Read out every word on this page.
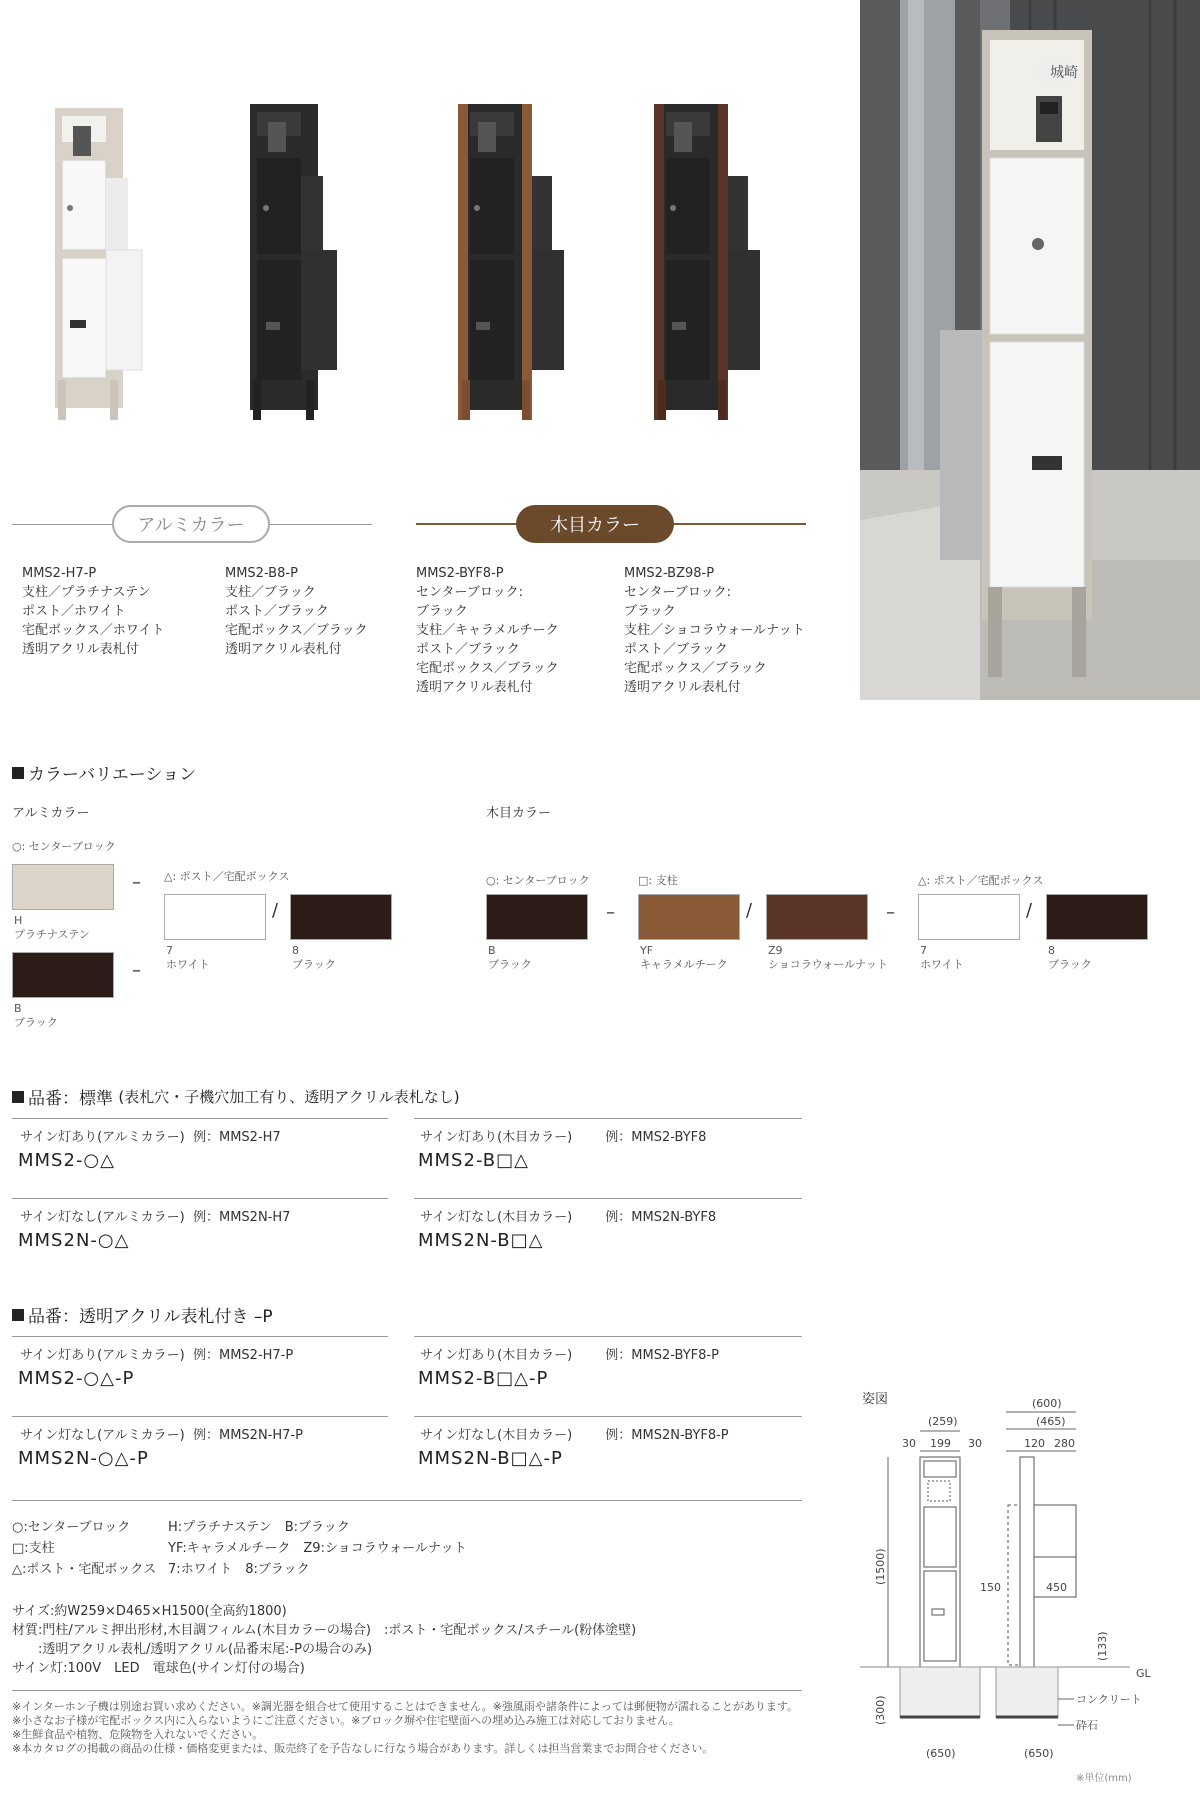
城崎
アルミカラー	木目カラー
MMS2-H7-P
支柱／プラチナステン
ポスト／ホワイト
宅配ボックス／ホワイト
透明アクリル表札付
MMS2-B8-P
支柱／ブラック
ポスト／ブラック
宅配ボックス／ブラック
透明アクリル表札付
MMS2-BYF8-P
センターブロック:
ブラック
支柱／キャラメルチーク
ポスト／ブラック
宅配ボックス／ブラック
透明アクリル表札付
MMS2-BZ98-P
センターブロック:
ブラック
支柱／ショコラウォールナット
ポスト／ブラック
宅配ボックス／ブラック
透明アクリル表札付
カラーバリエーション
アルミカラー	木目カラー
○: センターブロック
H
プラチナステン
B
ブラック
–
–
△: ポスト／宅配ボックス
7
ホワイト
/
8
ブラック
○: センターブロック
B
ブラック
–
□: 支柱
YF
キャラメルチーク
/
Z9
ショコラウォールナット
–
△: ポスト／宅配ボックス
7
ホワイト
/
8
ブラック
品番：標準
(表札穴・子機穴加工有り、透明アクリル表札なし)
サイン灯あり(アルミカラー) 例：MMS2-H7
MMS2-○△
サイン灯あり(木目カラー)	例：MMS2-BYF8
MMS2-B□△
サイン灯なし(アルミカラー) 例：MMS2N-H7
MMS2N-○△
サイン灯なし(木目カラー)	例：MMS2N-BYF8
MMS2N-B□△
品番：透明アクリル表札付き –P
サイン灯あり(アルミカラー) 例：MMS2-H7-P
MMS2-○△-P
サイン灯あり(木目カラー)	例：MMS2-BYF8-P
MMS2-B□△-P
サイン灯なし(アルミカラー) 例：MMS2N-H7-P
MMS2N-○△-P
サイン灯なし(木目カラー)	例：MMS2N-BYF8-P
MMS2N-B□△-P
○:センターブロック	H:プラチナステン　B:ブラック
□:支柱	YF:キャラメルチーク　Z9:ショコラウォールナット
△:ポスト・宅配ボックス 7:ホワイト　8:ブラック
サイズ:約W259×D465×H1500(全高約1800)
材質:門柱/アルミ押出形材,木目調フィルム(木目カラーの場合)　:ポスト・宅配ボックス/スチール(粉体塗壁)
　　:透明アクリル表札/透明アクリル(品番末尾:-Pの場合のみ)
サイン灯:100V　LED　電球色(サイン灯付の場合)
※インターホン子機は別途お買い求めください。※調光器を組合せて使用することはできません。※強風雨や諸条件によっては郵便物が濡れることがあります。
※小さなお子様が宅配ボックス内に入らないようにご注意ください。※ブロック塀や住宅壁面への埋め込み施工は対応しておりません。
※生鮮食品や植物、危険物を入れないでください。
※本カタログの掲載の商品の仕様・価格変更または、販売終了を予告なしに行なう場合があります。詳しくは担当営業までお問合せください。
姿図
(259)
30 199 30
(600)
(465)
120 280
(1500)
150	450
(133)
GL
(300)	コンクリート
砕石
(650)	(650)
※単位(mm)
